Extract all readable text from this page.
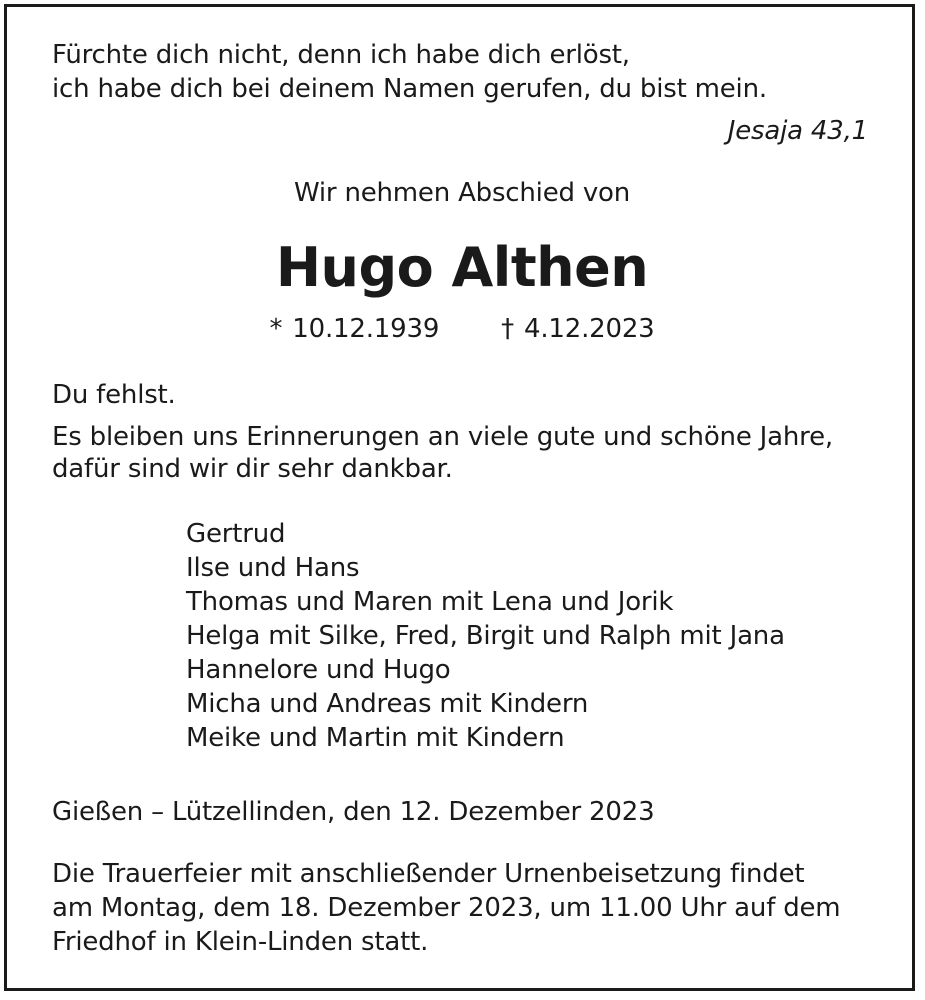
Fürchte dich nicht, denn ich habe dich erlöst,
ich habe dich bei deinem Namen gerufen, du bist mein.
Jesaja 43,1
Wir nehmen Abschied von
Hugo Althen
* 10.12.1939 † 4.12.2023
Du fehlst.
Es bleiben uns Erinnerungen an viele gute und schöne Jahre,
dafür sind wir dir sehr dankbar.
Gertrud
Ilse und Hans
Thomas und Maren mit Lena und Jorik
Helga mit Silke, Fred, Birgit und Ralph mit Jana
Hannelore und Hugo
Micha und Andreas mit Kindern
Meike und Martin mit Kindern
Gießen – Lützellinden, den 12. Dezember 2023
Die Trauerfeier mit anschließender Urnenbeisetzung findet
am Montag, dem 18. Dezember 2023, um 11.00 Uhr auf dem
Friedhof in Klein-Linden statt.
